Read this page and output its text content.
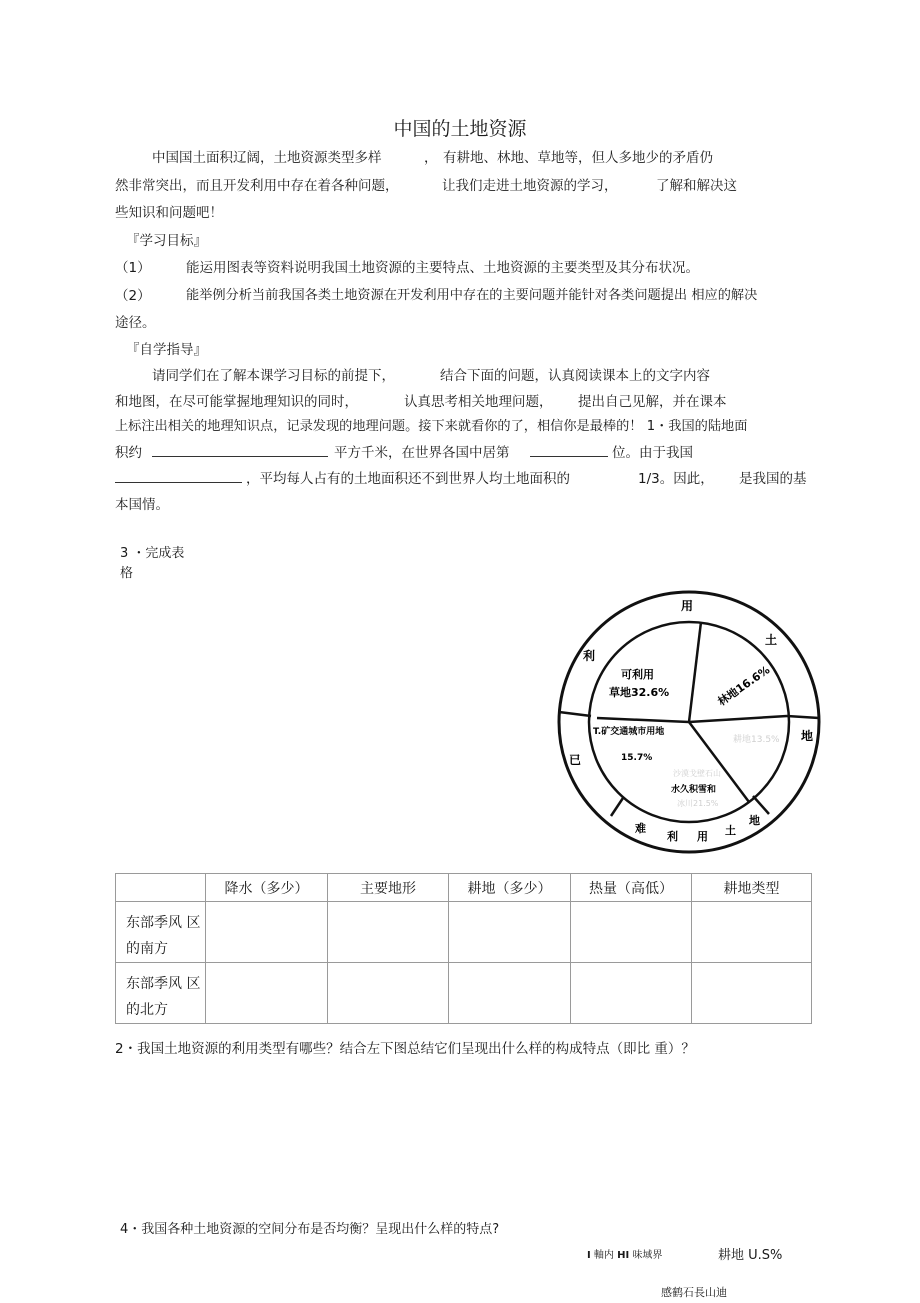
中国的土地资源
中国国土面积辽阔，土地资源类型多样	， 有耕地、林地、草地等，但人多地少的矛盾仍
然非常突出，而且开发利用中存在着各种问题，	让我们走进土地资源的学习，	了解和解决这
些知识和问题吧！
『学习目标』
（1）	能运用图表等资料说明我国土地资源的主要特点、土地资源的主要类型及其分布状况。
（2）	能举例分析当前我国各类土地资源在开发利用中存在的主要问题并能针对各类问题提出 相应的解决
途径。
『自学指导』
请同学们在了解本课学习目标的前提下，	结合下面的问题，认真阅读课本上的文字内容
和地图，在尽可能掌握地理知识的同时，	认真思考相关地理问题， 提出自己见解，并在课本
上标注出相关的地理知识点，记录发现的地理问题。接下来就看你的了，相信你是最棒的！ 1・我国的陆地面
积约	平方千米，在世界各国中居第	位。由于我国
，平均每人占有的土地面积还不到世界人均土地面积的	1/3。因此， 是我国的基
本国情。
3 ・完成表
格
用
土
利
已
地
难
利 用 土
地
可利用
草地32.6%	林地16.6%
T.矿交通城市用地
15.7%
耕地13.5%
沙漠戈壁石山
水久积雪和
冰川21.5%
	降水（多少）	主要地形	耕地（多少）	热量（高低）	耕地类型
东部季风 区
的南方					
东部季风 区
的北方					
2・我国土地资源的利用类型有哪些？结合左下图总结它们呈现出什么样的构成特点（即比 重）？
4・我国各种土地资源的空间分布是否均衡？呈现出什么样的特点?
I 軸内 HI 味域界	耕地 U.S%
感鹤石長山迪
